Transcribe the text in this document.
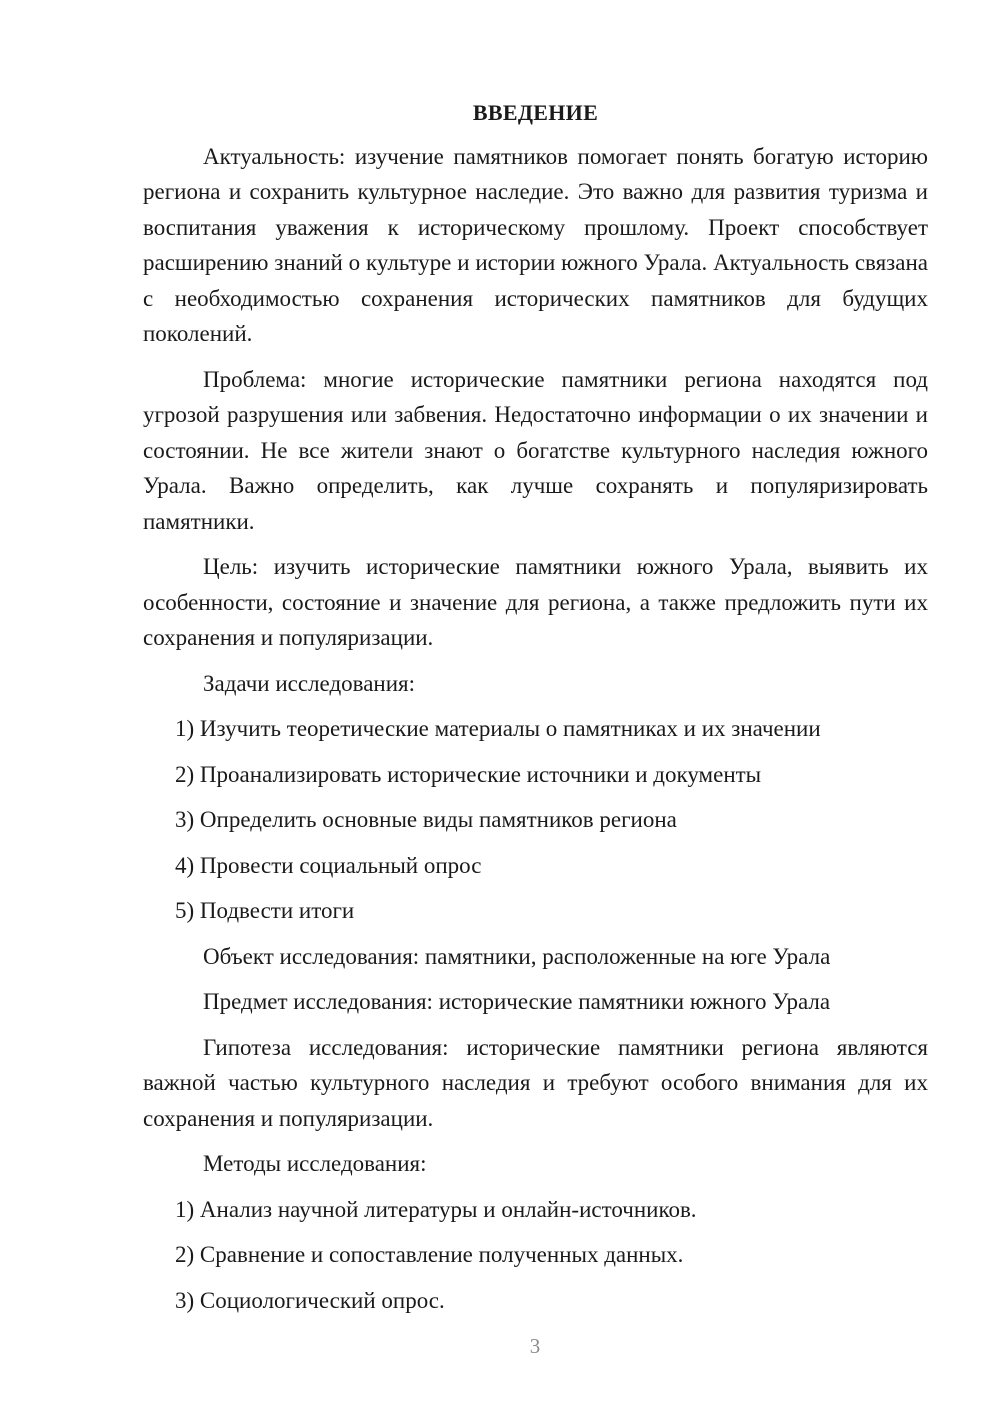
ВВЕДЕНИЕ

Актуальность: изучение памятников помогает понять богатую историю региона и сохранить культурное наследие. Это важно для развития туризма и воспитания уважения к историческому прошлому. Проект способствует расширению знаний о культуре и истории южного Урала. Актуальность связана с необходимостью сохранения исторических памятников для будущих поколений.

Проблема: многие исторические памятники региона находятся под угрозой разрушения или забвения. Недостаточно информации о их значении и состоянии. Не все жители знают о богатстве культурного наследия южного Урала. Важно определить, как лучше сохранять и популяризировать памятники.

Цель: изучить исторические памятники южного Урала, выявить их особенности, состояние и значение для региона, а также предложить пути их сохранения и популяризации.

Задачи исследования:

1) Изучить теоретические материалы о памятниках и их значении
2) Проанализировать исторические источники и документы
3) Определить основные виды памятников региона
4) Провести социальный опрос
5) Подвести итоги

Объект исследования: памятники, расположенные на юге Урала

Предмет исследования: исторические памятники южного Урала

Гипотеза исследования: исторические памятники региона являются важной частью культурного наследия и требуют особого внимания для их сохранения и популяризации.

Методы исследования:

1) Анализ научной литературы и онлайн-источников.
2) Сравнение и сопоставление полученных данных.
3) Социологический опрос.
3
